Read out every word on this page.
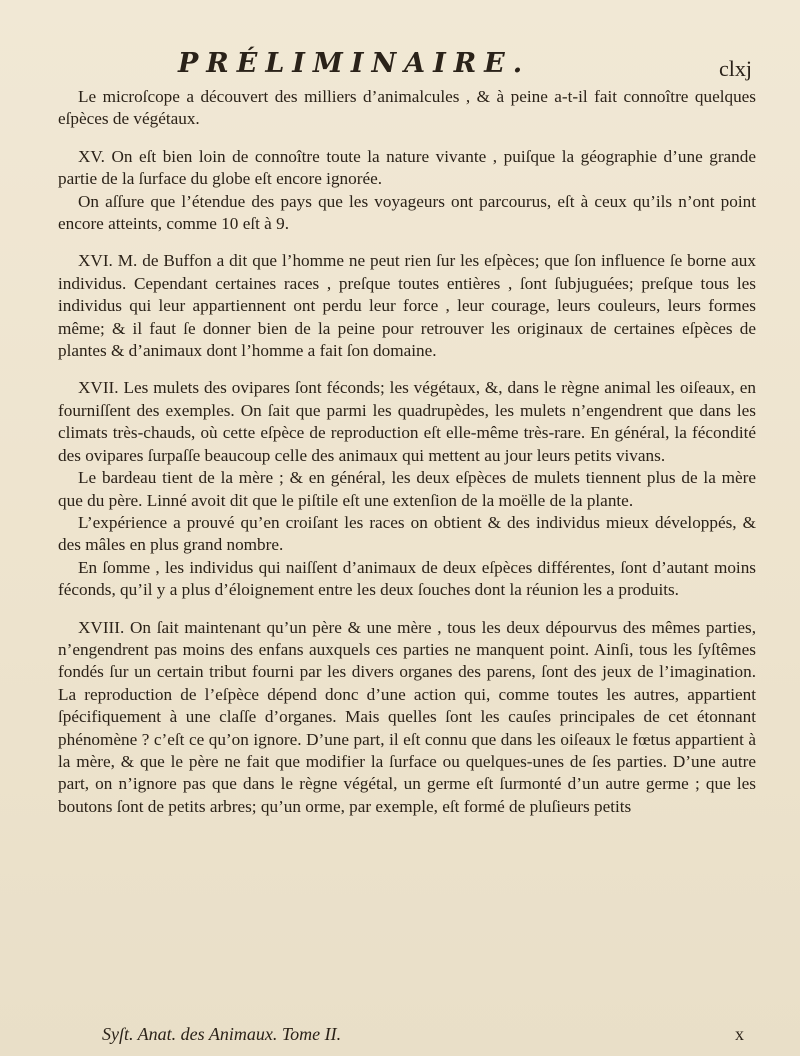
PRÉLIMINAIRE.	clxj

Le microſcope a découvert des milliers d’animalcules , & à peine a-t-il fait connoître quelques eſpèces de végétaux.

XV. On eſt bien loin de connoître toute la nature vivante , puiſque la géographie d’une grande partie de la ſurface du globe eſt encore ignorée.

On aſſure que l’étendue des pays que les voyageurs ont parcourus, eſt à ceux qu’ils n’ont point encore atteints, comme 10 eſt à 9.

XVI. M. de Buffon a dit que l’homme ne peut rien ſur les eſpèces; que ſon influence ſe borne aux individus. Cependant certaines races , preſque toutes entières , ſont ſubjuguées; preſque tous les individus qui leur appartiennent ont perdu leur force , leur courage, leurs couleurs, leurs formes même; & il faut ſe donner bien de la peine pour retrouver les originaux de certaines eſpèces de plantes & d’animaux dont l’homme a fait ſon domaine.

XVII. Les mulets des ovipares ſont féconds; les végétaux, &, dans le règne animal les oiſeaux, en fourniſſent des exemples. On ſait que parmi les quadrupèdes, les mulets n’engendrent que dans les climats très-chauds, où cette eſpèce de reproduction eſt elle-même très-rare. En général, la fécondité des ovipares ſurpaſſe beaucoup celle des animaux qui mettent au jour leurs petits vivans.

Le bardeau tient de la mère ; & en général, les deux eſpèces de mulets tiennent plus de la mère que du père. Linné avoit dit que le piſtile eſt une extenſion de la moëlle de la plante.

L’expérience a prouvé qu’en croiſant les races on obtient & des individus mieux développés, & des mâles en plus grand nombre.

En ſomme , les individus qui naiſſent d’animaux de deux eſpèces différentes, ſont d’autant moins féconds, qu’il y a plus d’éloignement entre les deux ſouches dont la réunion les a produits.

XVIII. On ſait maintenant qu’un père & une mère , tous les deux dépourvus des mêmes parties, n’engendrent pas moins des enfans auxquels ces parties ne manquent point. Ainſi, tous les ſyſtêmes fondés ſur un certain tribut fourni par les divers organes des parens, ſont des jeux de l’imagination. La reproduction de l’eſpèce dépend donc d’une action qui, comme toutes les autres, appartient ſpécifiquement à une claſſe d’organes. Mais quelles ſont les cauſes principales de cet étonnant phénomène ? c’eſt ce qu’on ignore. D’une part, il eſt connu que dans les oiſeaux le fœtus appartient à la mère, & que le père ne fait que modifier la ſurface ou quelques-unes de ſes parties. D’une autre part, on n’ignore pas que dans le règne végétal, un germe eſt ſurmonté d’un autre germe ; que les boutons ſont de petits arbres; qu’un orme, par exemple, eſt formé de pluſieurs petits

Syſt. Anat. des Animaux. Tome II.	x
